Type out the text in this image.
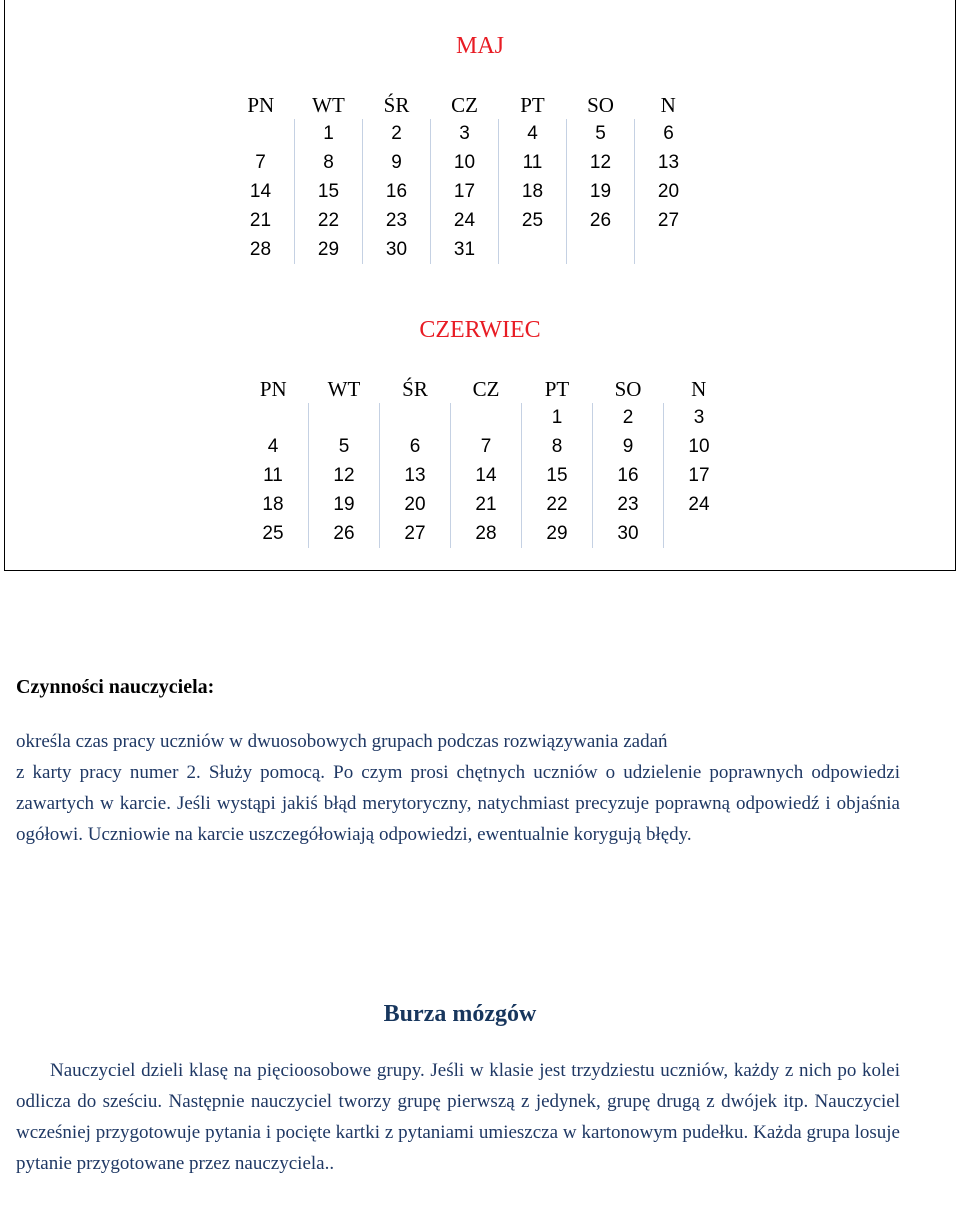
MAJ
PN	WT	ŚR	CZ	PT	SO	N
	1	2	3	4	5	6
7	8	9	10	11	12	13
14	15	16	17	18	19	20
21	22	23	24	25	26	27
28	29	30	31			
CZERWIEC
PN	WT	ŚR	CZ	PT	SO	N
				1	2	3
4	5	6	7	8	9	10
11	12	13	14	15	16	17
18	19	20	21	22	23	24
25	26	27	28	29	30	
Czynności nauczyciela:
określa czas pracy uczniów w dwuosobowych grupach podczas rozwiązywania zadań
z karty pracy numer 2. Służy pomocą. Po czym prosi chętnych uczniów o udzielenie poprawnych odpowiedzi zawartych w karcie. Jeśli wystąpi jakiś błąd merytoryczny, natychmiast precyzuje poprawną odpowiedź i objaśnia ogółowi. Uczniowie na karcie uszczegółowiają odpowiedzi, ewentualnie korygują błędy.
Burza mózgów

Nauczyciel dzieli klasę na pięcioosobowe grupy. Jeśli w klasie jest trzydziestu uczniów, każdy z nich po kolei odlicza do sześciu. Następnie nauczyciel tworzy grupę pierwszą z jedynek, grupę drugą z dwójek itp. Nauczyciel wcześniej przygotowuje pytania i pocięte kartki z pytaniami umieszcza w kartonowym pudełku. Każda grupa losuje pytanie przygotowane przez nauczyciela..
